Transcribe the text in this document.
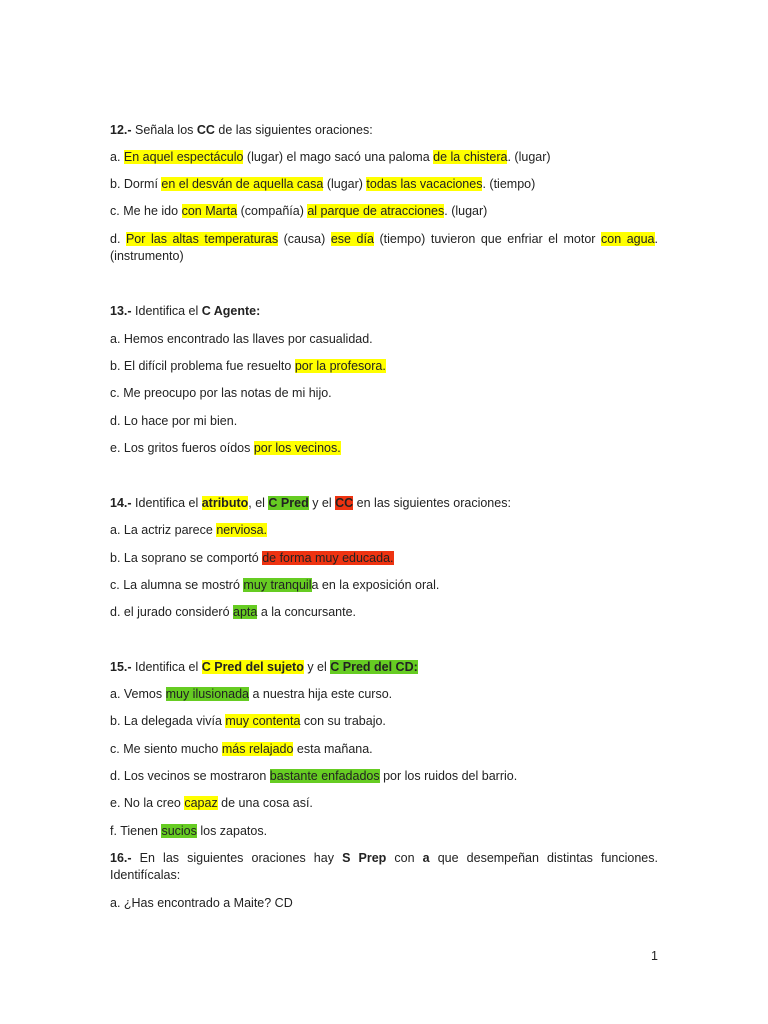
12.- Señala los CC de las siguientes oraciones:
a. En aquel espectáculo (lugar) el mago sacó una paloma de la chistera. (lugar)
b. Dormí en el desván de aquella casa (lugar) todas las vacaciones. (tiempo)
c. Me he ido con Marta (compañía) al parque de atracciones. (lugar)
d. Por las altas temperaturas (causa) ese día (tiempo) tuvieron que enfriar el motor con agua.
(instrumento)
13.- Identifica el C Agente:
a. Hemos encontrado las llaves por casualidad.
b. El difícil problema fue resuelto por la profesora.
c. Me preocupo por las notas de mi hijo.
d. Lo hace por mi bien.
e. Los gritos fueros oídos por los vecinos.
14.- Identifica el atributo, el C Pred y el CC en las siguientes oraciones:
a. La actriz parece nerviosa.
b. La soprano se comportó de forma muy educada.
c. La alumna se mostró muy tranquila en la exposición oral.
d. el jurado consideró apta a la concursante.
15.- Identifica el C Pred del sujeto y el C Pred del CD:
a. Vemos muy ilusionada a nuestra hija este curso.
b. La delegada vivía muy contenta con su trabajo.
c. Me siento mucho más relajado esta mañana.
d. Los vecinos se mostraron bastante enfadados por los ruidos del barrio.
e. No la creo capaz de una cosa así.
f. Tienen sucios los zapatos.
16.- En las siguientes oraciones hay S Prep con a que desempeñan distintas funciones.
Identifícalas:
a. ¿Has encontrado a Maite? CD
1
